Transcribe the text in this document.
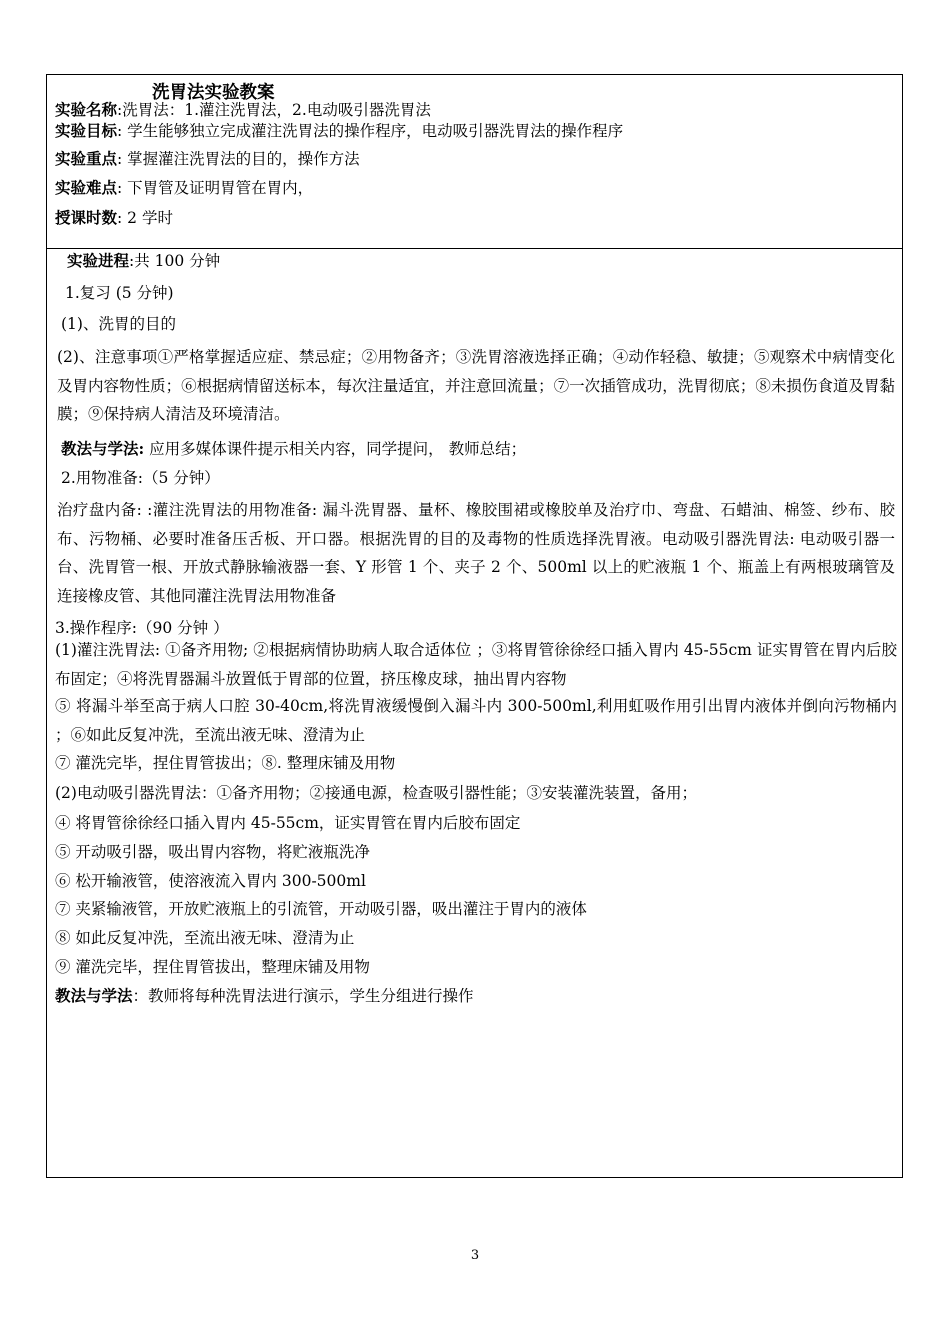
洗胃法实验教案
实验名称:洗胃法：1.灌注洗胃法，2.电动吸引器洗胃法
实验目标: 学生能够独立完成灌注洗胃法的操作程序，电动吸引器洗胃法的操作程序
实验重点: 掌握灌注洗胃法的目的，操作方法
实验难点: 下胃管及证明胃管在胃内，
授课时数: 2 学时
实验进程:共 100 分钟
1.复习 (5 分钟)
(1)、洗胃的目的
(2)、注意事项①严格掌握适应症、禁忌症；②用物备齐；③洗胃溶液选择正确；④动作轻稳、敏捷；⑤观察术中病情变化及胃内容物性质；⑥根据病情留送标本，每次注量适宜，并注意回流量；⑦一次插管成功，洗胃彻底；⑧未损伤食道及胃黏膜；⑨保持病人清洁及环境清洁。
教法与学法: 应用多媒体课件提示相关内容，同学提问， 教师总结；
2.用物准备:（5 分钟）
治疗盘内备: :灌注洗胃法的用物准备: 漏斗洗胃器、量杯、橡胶围裙或橡胶单及治疗巾、弯盘、石蜡油、棉签、纱布、胶布、污物桶、必要时准备压舌板、开口器。根据洗胃的目的及毒物的性质选择洗胃液。电动吸引器洗胃法: 电动吸引器一台、洗胃管一根、开放式静脉输液器一套、Y 形管 1 个、夹子 2 个、500ml 以上的贮液瓶 1 个、瓶盖上有两根玻璃管及连接橡皮管、其他同灌注洗胃法用物准备
3.操作程序:（90 分钟 ）
(1)灌注洗胃法: ①备齐用物; ②根据病情协助病人取合适体位 ；③将胃管徐徐经口插入胃内 45-55cm 证实胃管在胃内后胶布固定；④将洗胃器漏斗放置低于胃部的位置，挤压橡皮球，抽出胃内容物
⑤ 将漏斗举至高于病人口腔 30-40cm,将洗胃液缓慢倒入漏斗内 300-500ml,利用虹吸作用引出胃内液体并倒向污物桶内 ；⑥如此反复冲洗，至流出液无味、澄清为止
⑦ 灌洗完毕，捏住胃管拔出；⑧. 整理床铺及用物
(2)电动吸引器洗胃法：①备齐用物；②接通电源，检查吸引器性能；③安装灌洗装置，备用；
④ 将胃管徐徐经口插入胃内 45-55cm，证实胃管在胃内后胶布固定
⑤ 开动吸引器，吸出胃内容物，将贮液瓶洗净
⑥ 松开输液管，使溶液流入胃内 300-500ml
⑦ 夹紧输液管，开放贮液瓶上的引流管，开动吸引器，吸出灌注于胃内的液体
⑧ 如此反复冲洗，至流出液无味、澄清为止
⑨ 灌洗完毕，捏住胃管拔出，整理床铺及用物
教法与学法：教师将每种洗胃法进行演示，学生分组进行操作
3
